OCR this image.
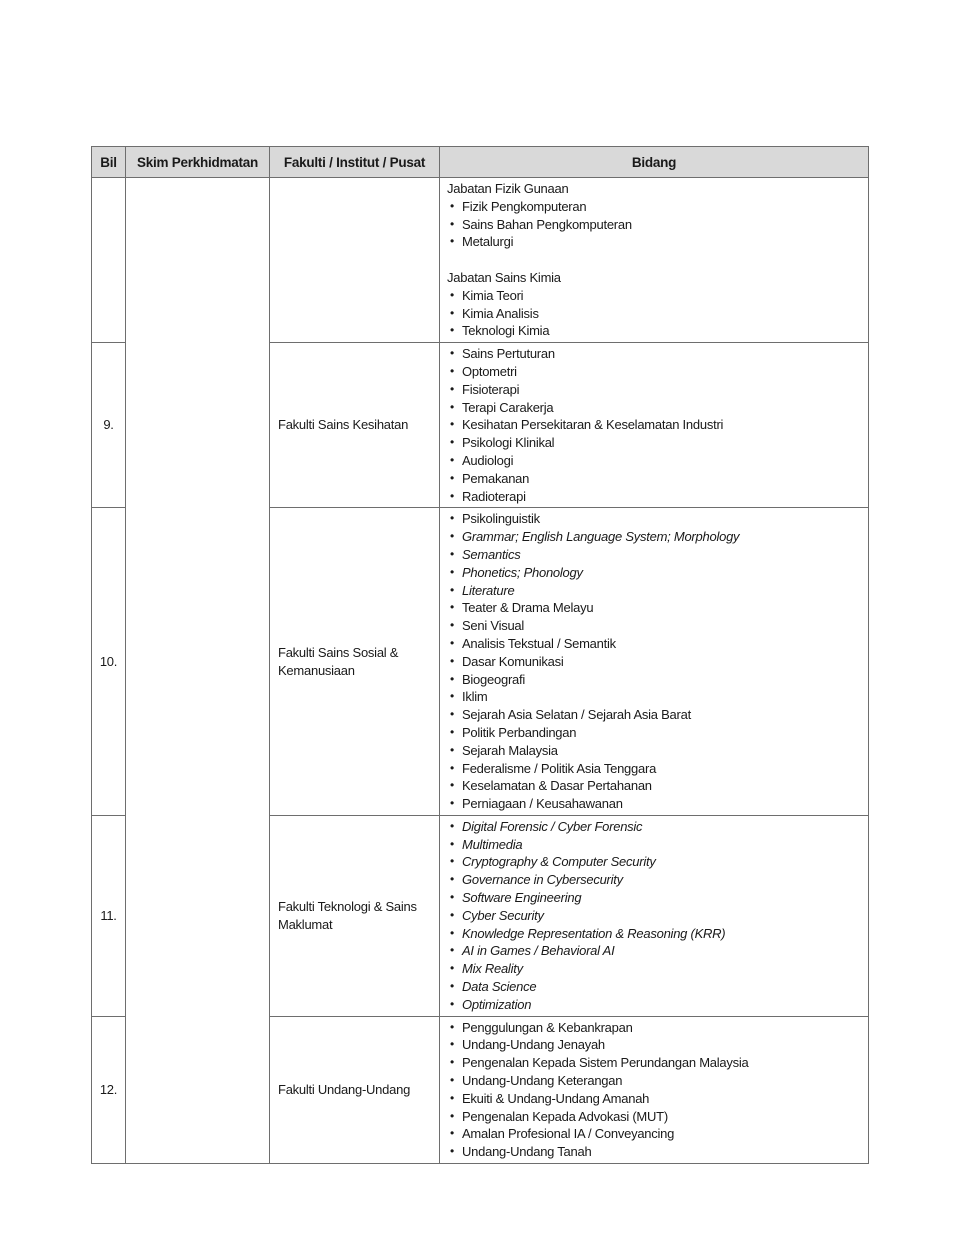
Bil	Skim Perkhidmatan	Fakulti / Institut / Pusat	Bidang

Jabatan Fizik Gunaan
• Fizik Pengkomputeran
• Sains Bahan Pengkomputeran
• Metalurgi
Jabatan Sains Kimia
• Kimia Teori
• Kimia Analisis
• Teknologi Kimia

9.	Fakulti Sains Kesihatan	
• Sains Pertuturan
• Optometri
• Fisioterapi
• Terapi Carakerja
• Kesihatan Persekitaran & Keselamatan Industri
• Psikologi Klinikal
• Audiologi
• Pemakanan
• Radioterapi

10.	Fakulti Sains Sosial & Kemanusiaan	
• Psikolinguistik
• Grammar; English Language System; Morphology
• Semantics
• Phonetics; Phonology
• Literature
• Teater & Drama Melayu
• Seni Visual
• Analisis Tekstual / Semantik
• Dasar Komunikasi
• Biogeografi
• Iklim
• Sejarah Asia Selatan / Sejarah Asia Barat
• Politik Perbandingan
• Sejarah Malaysia
• Federalisme / Politik Asia Tenggara
• Keselamatan & Dasar Pertahanan
• Perniagaan / Keusahawanan

11.	Fakulti Teknologi & Sains Maklumat	
• Digital Forensic / Cyber Forensic
• Multimedia
• Cryptography & Computer Security
• Governance in Cybersecurity
• Software Engineering
• Cyber Security
• Knowledge Representation & Reasoning (KRR)
• AI in Games / Behavioral AI
• Mix Reality
• Data Science
• Optimization

12.	Fakulti Undang-Undang	
• Penggulungan & Kebankrapan
• Undang-Undang Jenayah
• Pengenalan Kepada Sistem Perundangan Malaysia
• Undang-Undang Keterangan
• Ekuiti & Undang-Undang Amanah
• Pengenalan Kepada Advokasi (MUT)
• Amalan Profesional IA / Conveyancing
• Undang-Undang Tanah
